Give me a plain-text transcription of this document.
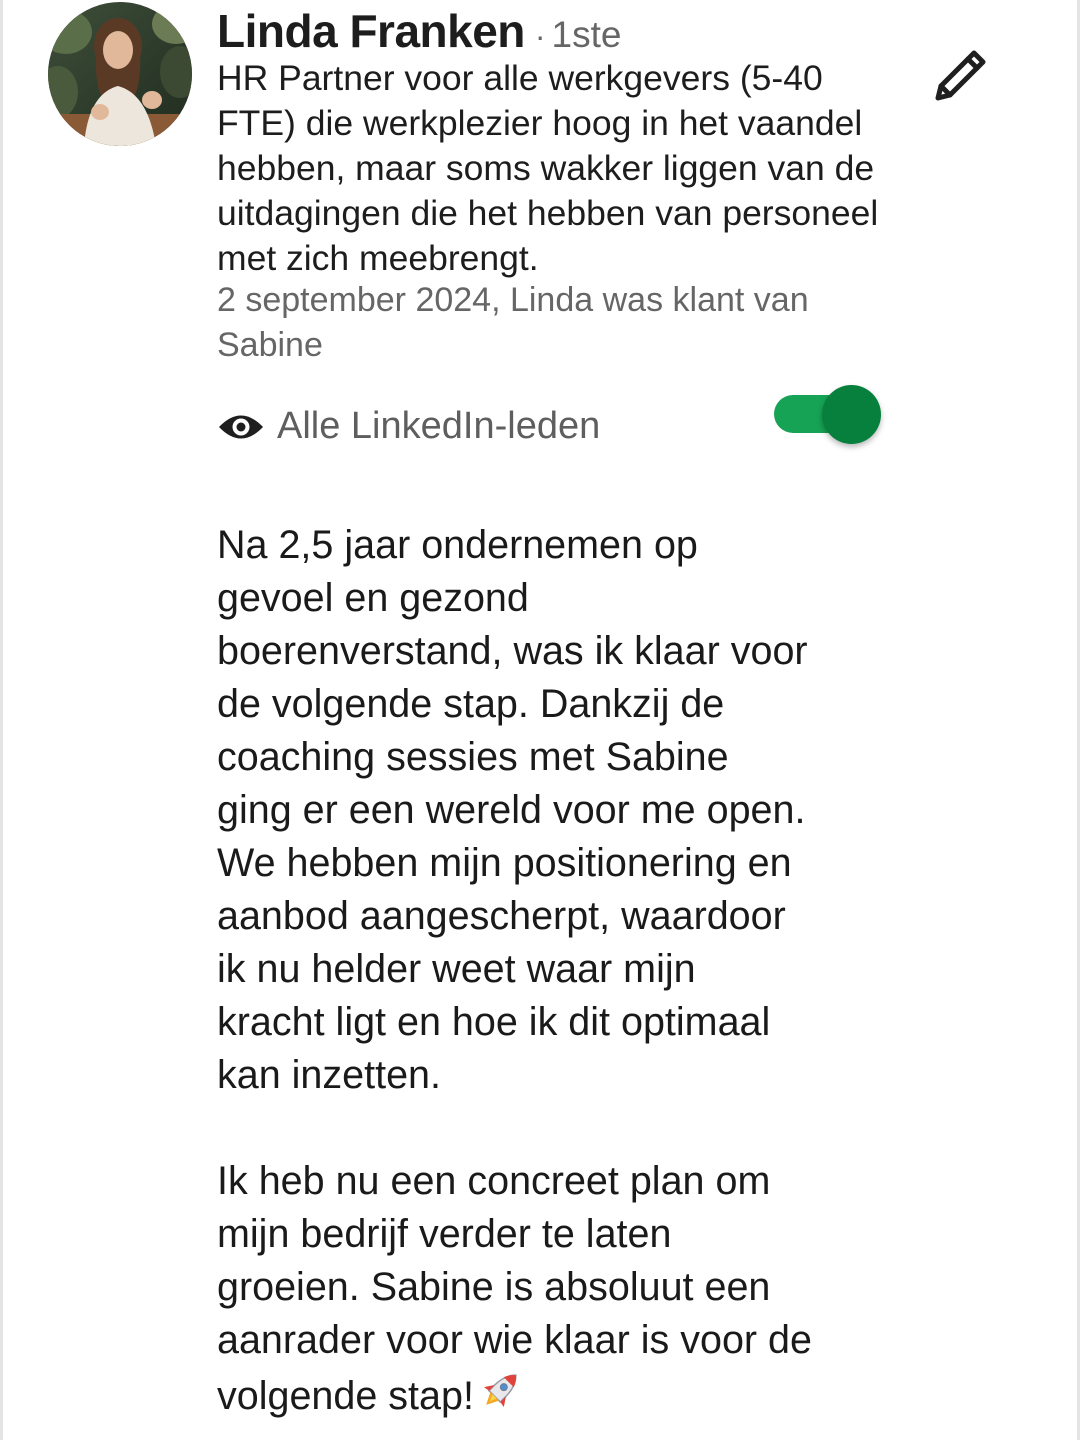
Linda Franken · 1ste
HR Partner voor alle werkgevers (5-40
FTE) die werkplezier hoog in het vaandel
hebben, maar soms wakker liggen van de
uitdagingen die het hebben van personeel
met zich meebrengt.
2 september 2024, Linda was klant van
Sabine
Alle LinkedIn-leden
Na 2,5 jaar ondernemen op
gevoel en gezond
boerenverstand, was ik klaar voor
de volgende stap. Dankzij de
coaching sessies met Sabine
ging er een wereld voor me open.
We hebben mijn positionering en
aanbod aangescherpt, waardoor
ik nu helder weet waar mijn
kracht ligt en hoe ik dit optimaal
kan inzetten.
Ik heb nu een concreet plan om
mijn bedrijf verder te laten
groeien. Sabine is absoluut een
aanrader voor wie klaar is voor de
volgende stap!
